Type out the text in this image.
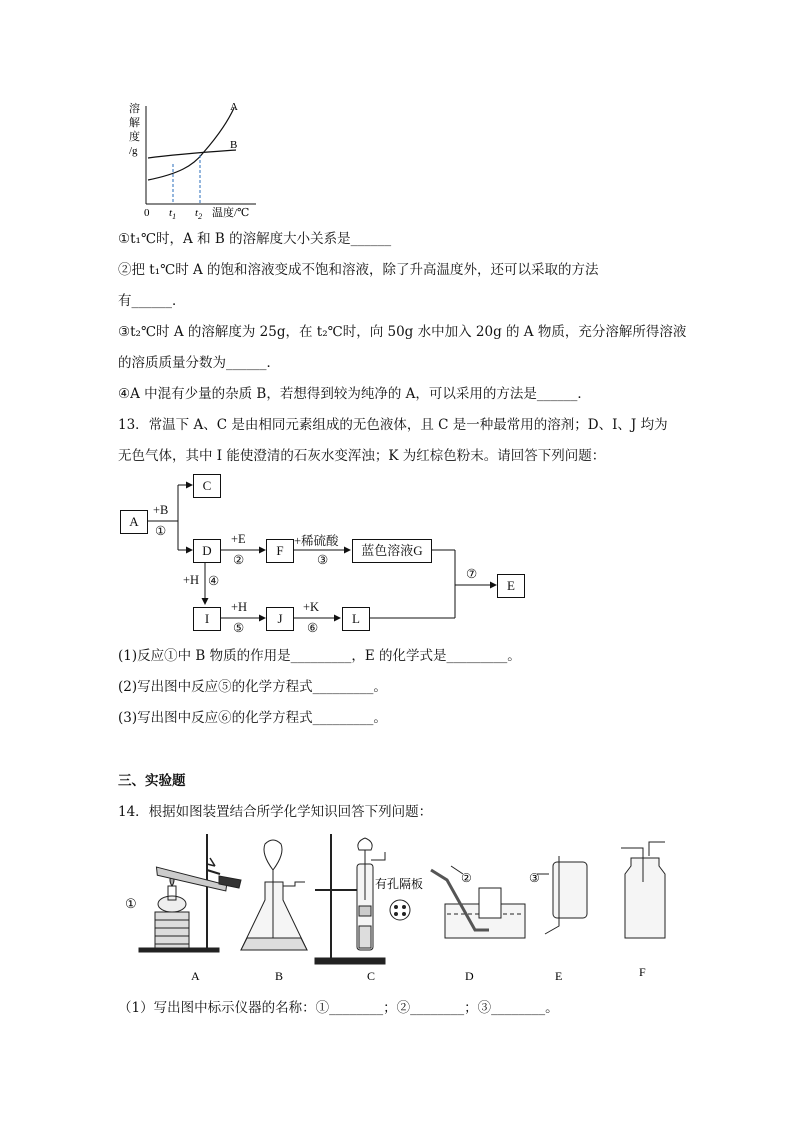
溶
解
度
/g
A
B
0 $t_1$ $t_2$ 温度/℃
①t₁℃时，A 和 B 的溶解度大小关系是______
②把 t₁℃时 A 的饱和溶液变成不饱和溶液，除了升高温度外，还可以采取的方法
有______．
③t₂℃时 A 的溶解度为 25g，在 t₂℃时，向 50g 水中加入 20g 的 A 物质，充分溶解所得溶液
的溶质质量分数为______．
④A 中混有少量的杂质 B，若想得到较为纯净的 A，可以采用的方法是______．
13．常温下 A、C 是由相同元素组成的无色液体，且 C 是一种最常用的溶剂；D、I、J 均为
无色气体，其中 I 能使澄清的石灰水变浑浊；K 为红棕色粉末。请回答下列问题：
A
C
D	F	蓝色溶液G
E
I	J	L
+B
①
+E
②
+稀硫酸
③
+H ④
+H
⑤
+K
⑥
⑦
(1)反应①中 B 物质的作用是_________，E 的化学式是_________。
(2)写出图中反应⑤的化学方程式_________。
(3)写出图中反应⑥的化学方程式_________。
三、实验题
14．根据如图装置结合所学化学知识回答下列问题：
①
②	③
有孔隔板
A	B	C	D	E	F
（1）写出图中标示仪器的名称：①________；②________；③________。
